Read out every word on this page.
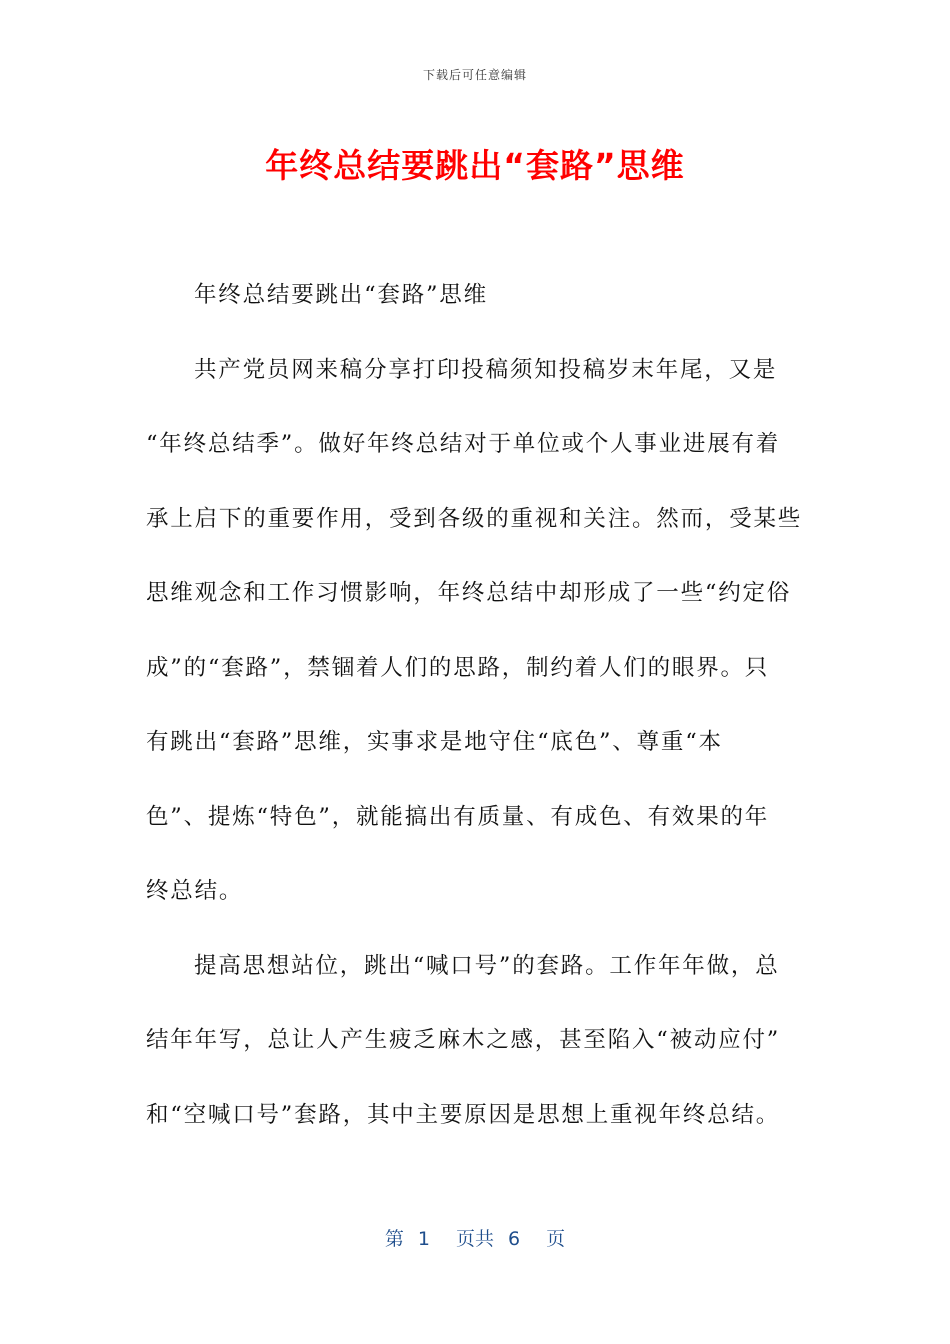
下载后可任意编辑
年终总结要跳出“套路”思维
年终总结要跳出“套路”思维
共产党员网来稿分享打印投稿须知投稿岁末年尾，又是
“年终总结季”。做好年终总结对于单位或个人事业进展有着
承上启下的重要作用，受到各级的重视和关注。然而，受某些
思维观念和工作习惯影响，年终总结中却形成了一些“约定俗
成”的“套路”，禁锢着人们的思路，制约着人们的眼界。只
有跳出“套路”思维，实事求是地守住“底色”、尊重“本
色”、提炼“特色”，就能搞出有质量、有成色、有效果的年
终总结。
提高思想站位，跳出“喊口号”的套路。工作年年做，总
结年年写，总让人产生疲乏麻木之感，甚至陷入“被动应付”
和“空喊口号”套路，其中主要原因是思想上重视年终总结。
第 1 页共 6 页
